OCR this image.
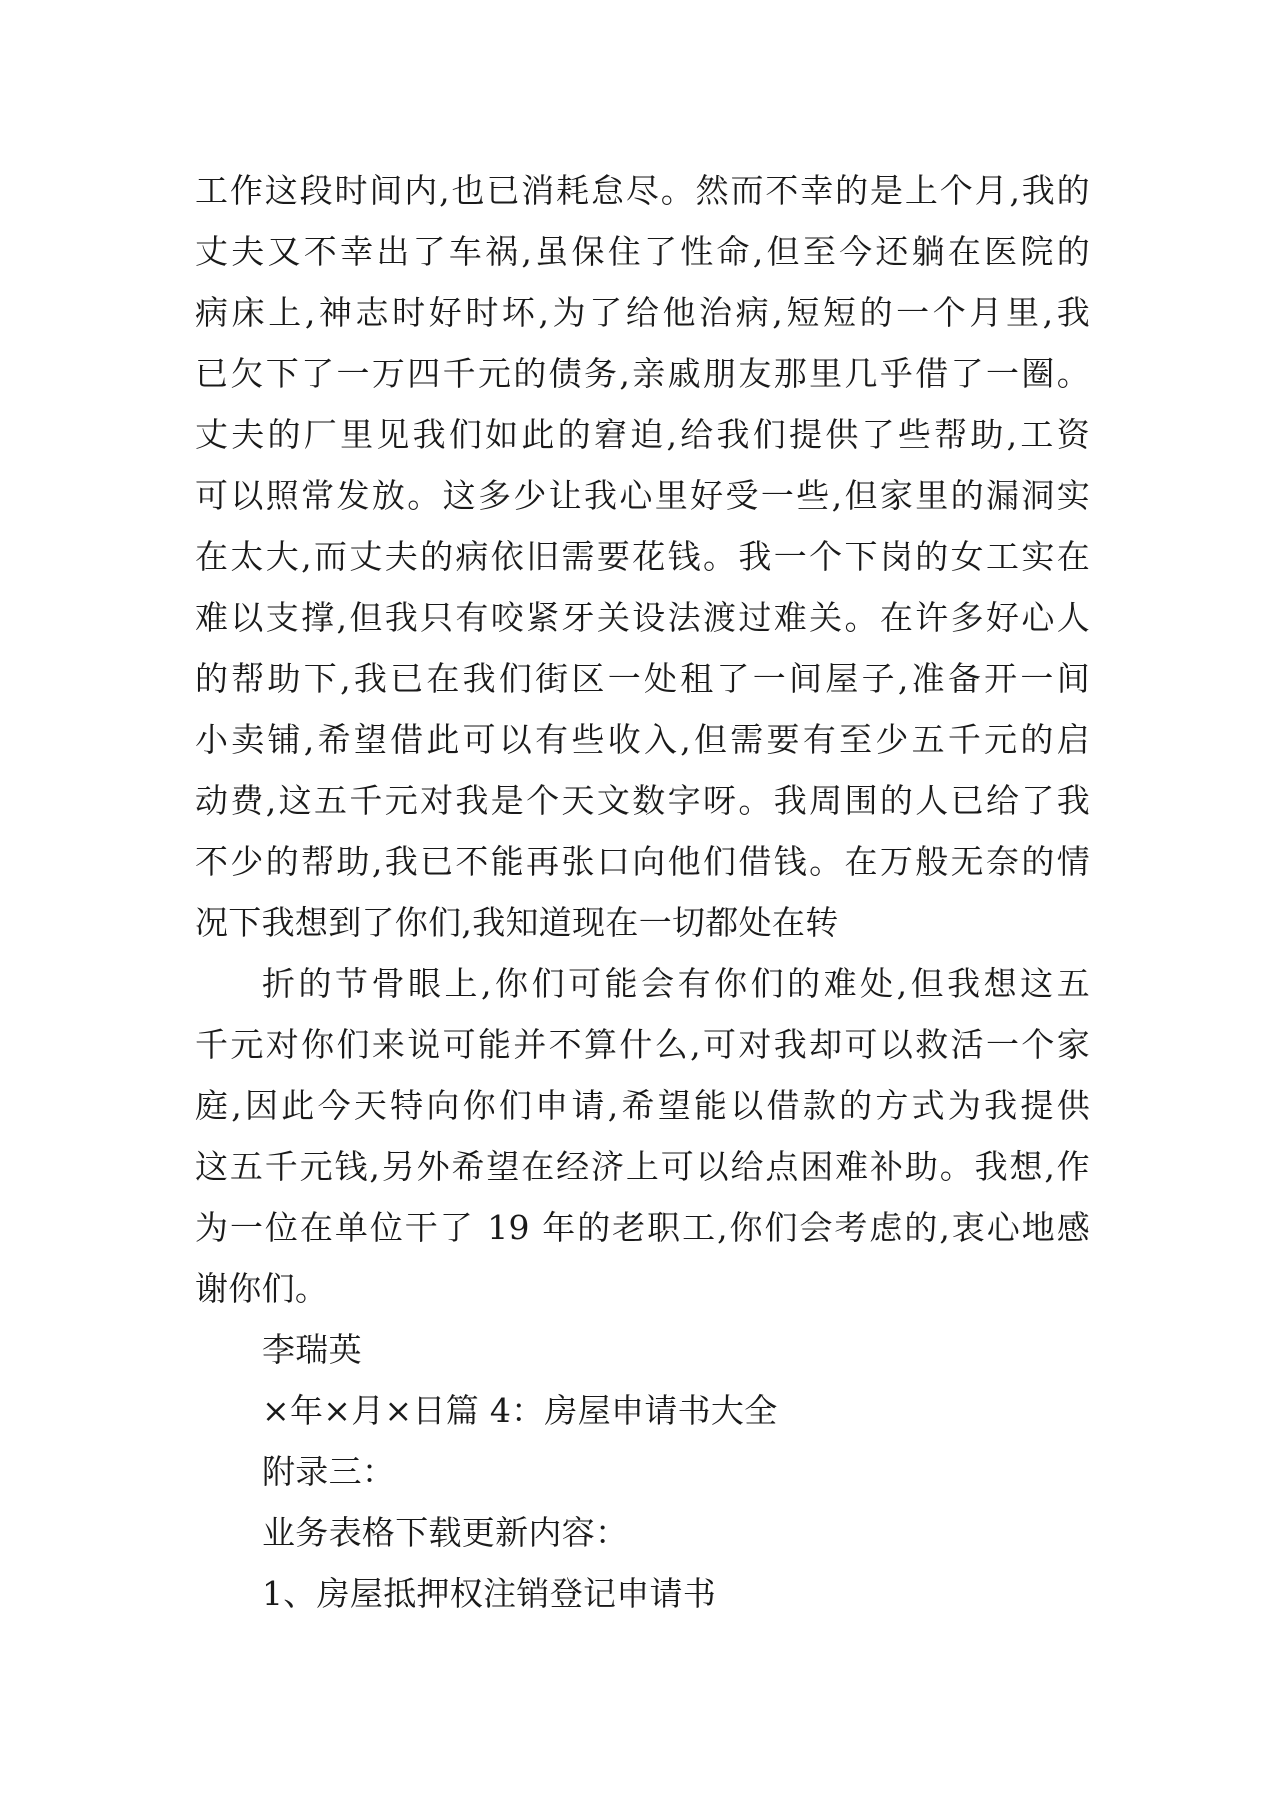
工作这段时间内,也已消耗怠尽。然而不幸的是上个月,我的
丈夫又不幸出了车祸,虽保住了性命,但至今还躺在医院的
病床上,神志时好时坏,为了给他治病,短短的一个月里,我
已欠下了一万四千元的债务,亲戚朋友那里几乎借了一圈。
丈夫的厂里见我们如此的窘迫,给我们提供了些帮助,工资
可以照常发放。这多少让我心里好受一些,但家里的漏洞实
在太大,而丈夫的病依旧需要花钱。我一个下岗的女工实在
难以支撑,但我只有咬紧牙关设法渡过难关。在许多好心人
的帮助下,我已在我们街区一处租了一间屋子,准备开一间
小卖铺,希望借此可以有些收入,但需要有至少五千元的启
动费,这五千元对我是个天文数字呀。我周围的人已给了我
不少的帮助,我已不能再张口向他们借钱。在万般无奈的情
况下我想到了你们,我知道现在一切都处在转
折的节骨眼上,你们可能会有你们的难处,但我想这五
千元对你们来说可能并不算什么,可对我却可以救活一个家
庭,因此今天特向你们申请,希望能以借款的方式为我提供
这五千元钱,另外希望在经济上可以给点困难补助。我想,作
为一位在单位干了 19 年的老职工,你们会考虑的,衷心地感
谢你们。
李瑞英
×年×月×日篇 4：房屋申请书大全
附录三：
业务表格下载更新内容：
1、房屋抵押权注销登记申请书
